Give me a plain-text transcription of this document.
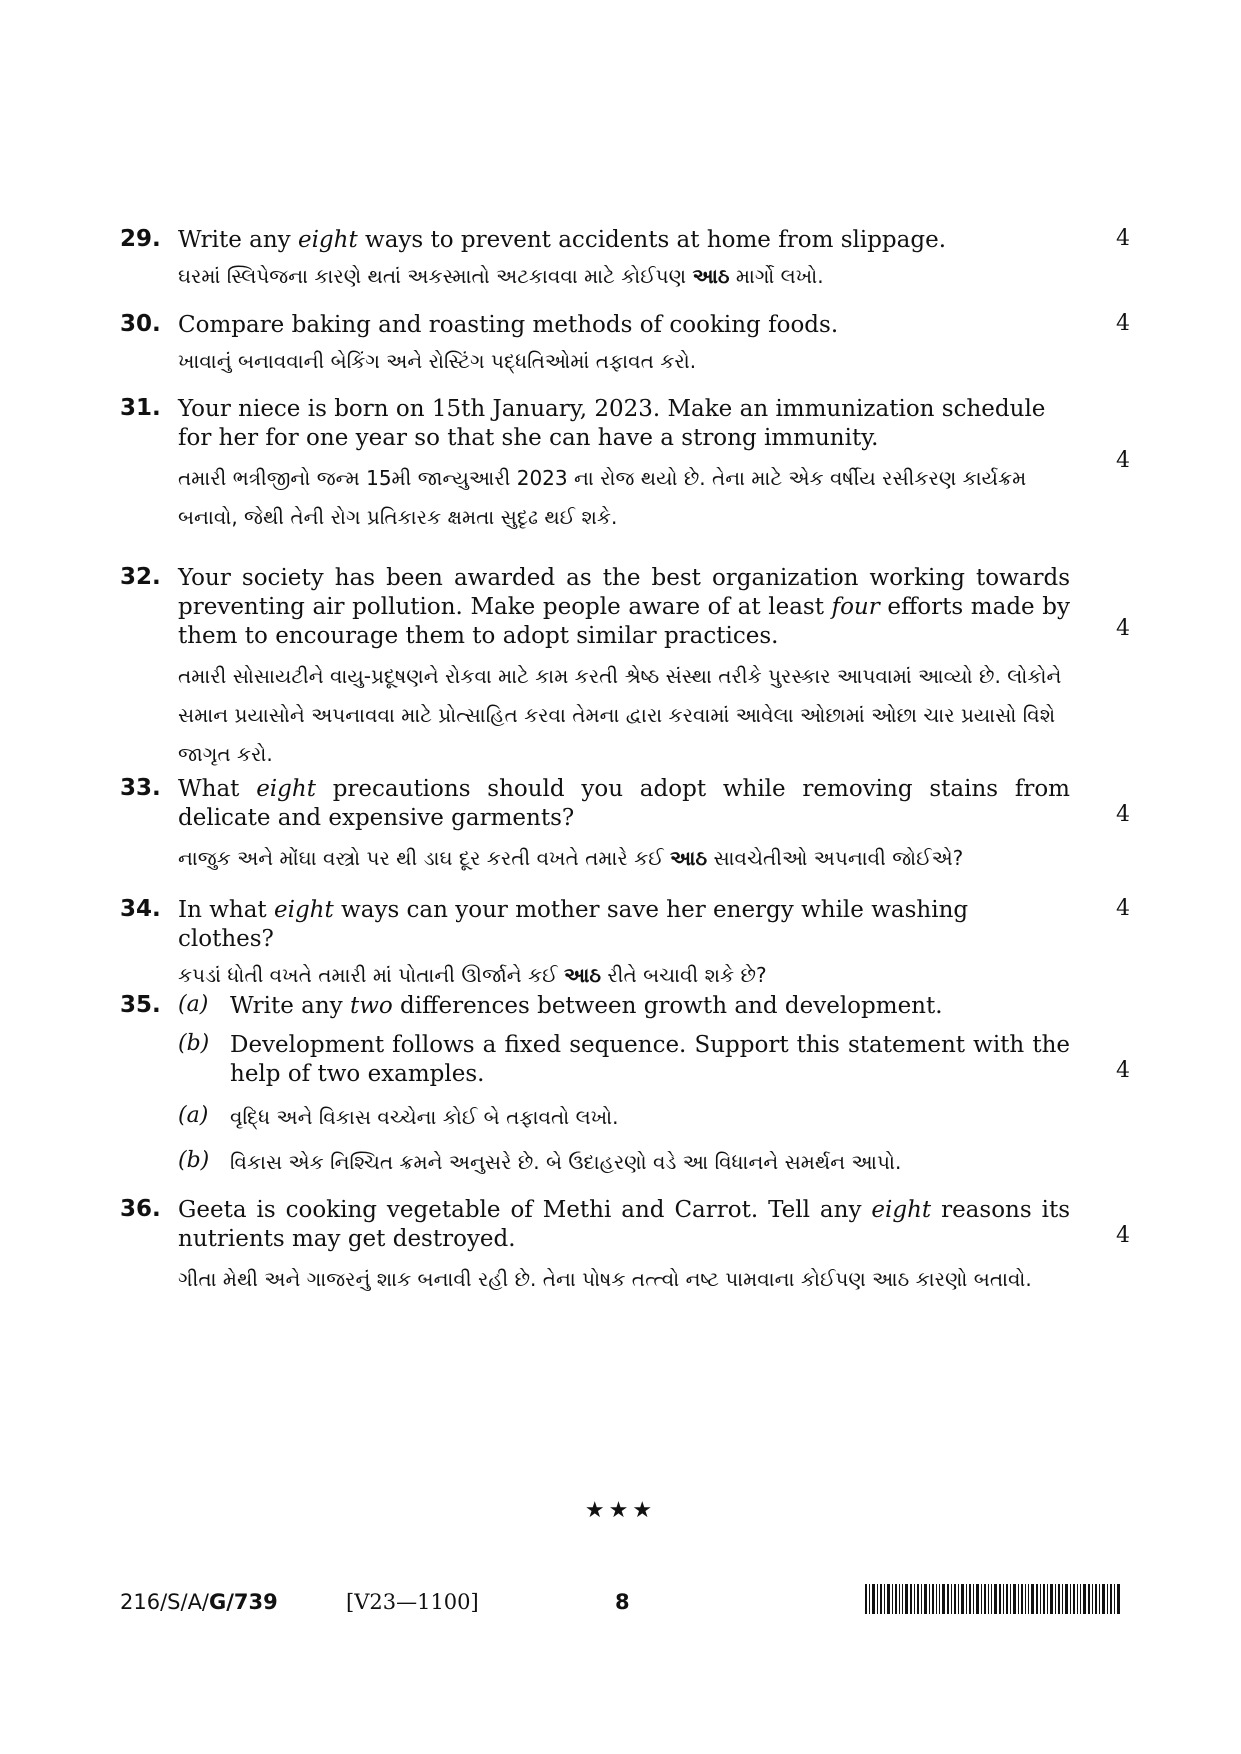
29. Write any eight ways to prevent accidents at home from slippage.	4
ઘરમાં સ્લિપેજના કારણે થતાં અકસ્માતો અટકાવવા માટે કોઈપણ આઠ માર્ગો લખો.
30. Compare baking and roasting methods of cooking foods.	4
ખાવાનું બનાવવાની બેકિંગ અને રોસ્ટિંગ પદ્ધતિઓમાં તફાવત કરો.
31. Your niece is born on 15th January, 2023. Make an immunization schedule
for her for one year so that she can have a strong immunity.
4
તમારી ભત્રીજીનો જન્મ 15મી જાન્યુઆરી 2023 ના રોજ થયો છે. તેના માટે એક વર્ષીય રસીકરણ કાર્યક્રમ બનાવો, જેથી તેની રોગ પ્રતિકારક ક્ષમતા સુદૃઢ થઈ શકે.
32. Your society has been awarded as the best organization working towards preventing air pollution. Make people aware of at least four efforts made by them to encourage them to adopt similar practices.	4
તમારી સોસાયટીને વાયુ-પ્રદૂષણને રોકવા માટે કામ કરતી શ્રેષ્ઠ સંસ્થા તરીકે પુરસ્કાર આપવામાં આવ્યો છે. લોકોને સમાન પ્રયાસોને અપનાવવા માટે પ્રોત્સાહિત કરવા તેમના દ્વારા કરવામાં આવેલા ઓછામાં ઓછા ચાર પ્રયાસો વિશે જાગૃત કરો.
33. What eight precautions should you adopt while removing stains from delicate and expensive garments?	4
નાજુક અને મોંઘા વસ્ત્રો પર થી ડાઘ દૂર કરતી વખતે તમારે કઈ આઠ સાવચેતીઓ અપનાવી જોઈએ?
34. In what eight ways can your mother save her energy while washing clothes?
4
કપડાં ધોતી વખતે તમારી માં પોતાની ઊર્જાને કઈ આઠ રીતે બચાવી શકે છે?
35. (a) Write any two differences between growth and development.
(b) Development follows a fixed sequence. Support this statement with the help of two examples.	4
(a) વૃદ્ધિ અને વિકાસ વચ્ચેના કોઈ બે તફાવતો લખો.
(b) વિકાસ એક નિશ્ચિત ક્રમને અનુસરે છે. બે ઉદાહરણો વડે આ વિધાનને સમર્થન આપો.
36. Geeta is cooking vegetable of Methi and Carrot. Tell any eight reasons its nutrients may get destroyed.	4
ગીતા મેથી અને ગાજરનું શાક બનાવી રહી છે. તેના પોષક તત્ત્વો નષ્ટ પામવાના કોઈપણ આઠ કારણો બતાવો.
★★★
216/S/A/G/739	[V23—1100]	8
